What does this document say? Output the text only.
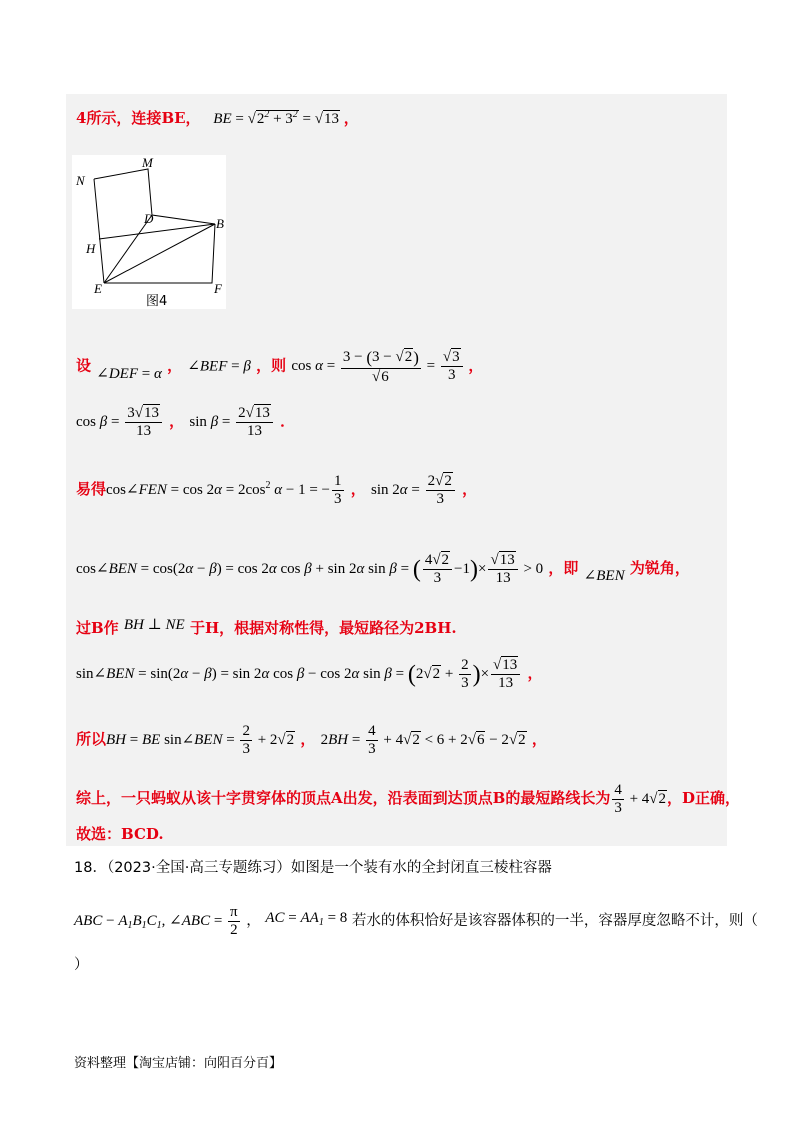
4所示，连接BE，   BE = $√2^2 + 3^2 = √13$ ，
M
N
D	B
H
E	F
图4
设 ∠DEF = α ， ∠BEF = β ，则 $\cos \alpha = \frac{3 - (3 - √2)}{√6} = \frac{√3}{3}$ ，
$\cos \beta = \frac{3√13}{13}$ ， $\sin \beta = \frac{2√13}{13}$ ．
易得cos∠FEN = $\cos 2\alpha = 2\cos^2$ α − 1 = − $\frac{1}{3}$ ， $\sin 2\alpha = \frac{2√2}{3}$ ，
cos∠BEN = cos(2α − β) = cos 2α cos β + sin 2α sin β = ( $\frac{4√2}{3} -1)\times \frac{√13}{13} > 0$ ，即 ∠BEN 为锐角，
过B作 BH ⊥ NE 于H，根据对称性得，最短路径为2BH.
sin∠BEN = sin(2α − β) = sin 2α cos β − cos 2α $\sin \beta = (2√2 + \frac{2}{3}$ )× $\frac{√13}{13}$ ，
所以BH = BE sin∠BEN = $\frac{2}{3} + 2√2$ ， $2BH = \frac{4}{3} + 4√2 < 6 + 2√6 - 2√2$ ，
综上，一只蚂蚁从该十字贯穿体的顶点A出发，沿表面到达顶点B的最短路线长为 $\frac{4}{3} + 4√2$，D正确，
故选：BCD.
18．（2023·全国·高三专题练习）如图是一个装有水的全封闭直三棱柱容器
ABC − $A_1B_1C_1$, ∠ABC = $\frac{\pi}{2}$ ， AC = $AA_1 = 8$ 若水的体积恰好是该容器体积的一半，容器厚度忽略不计，则（
）
资料整理【淘宝店铺：向阳百分百】
